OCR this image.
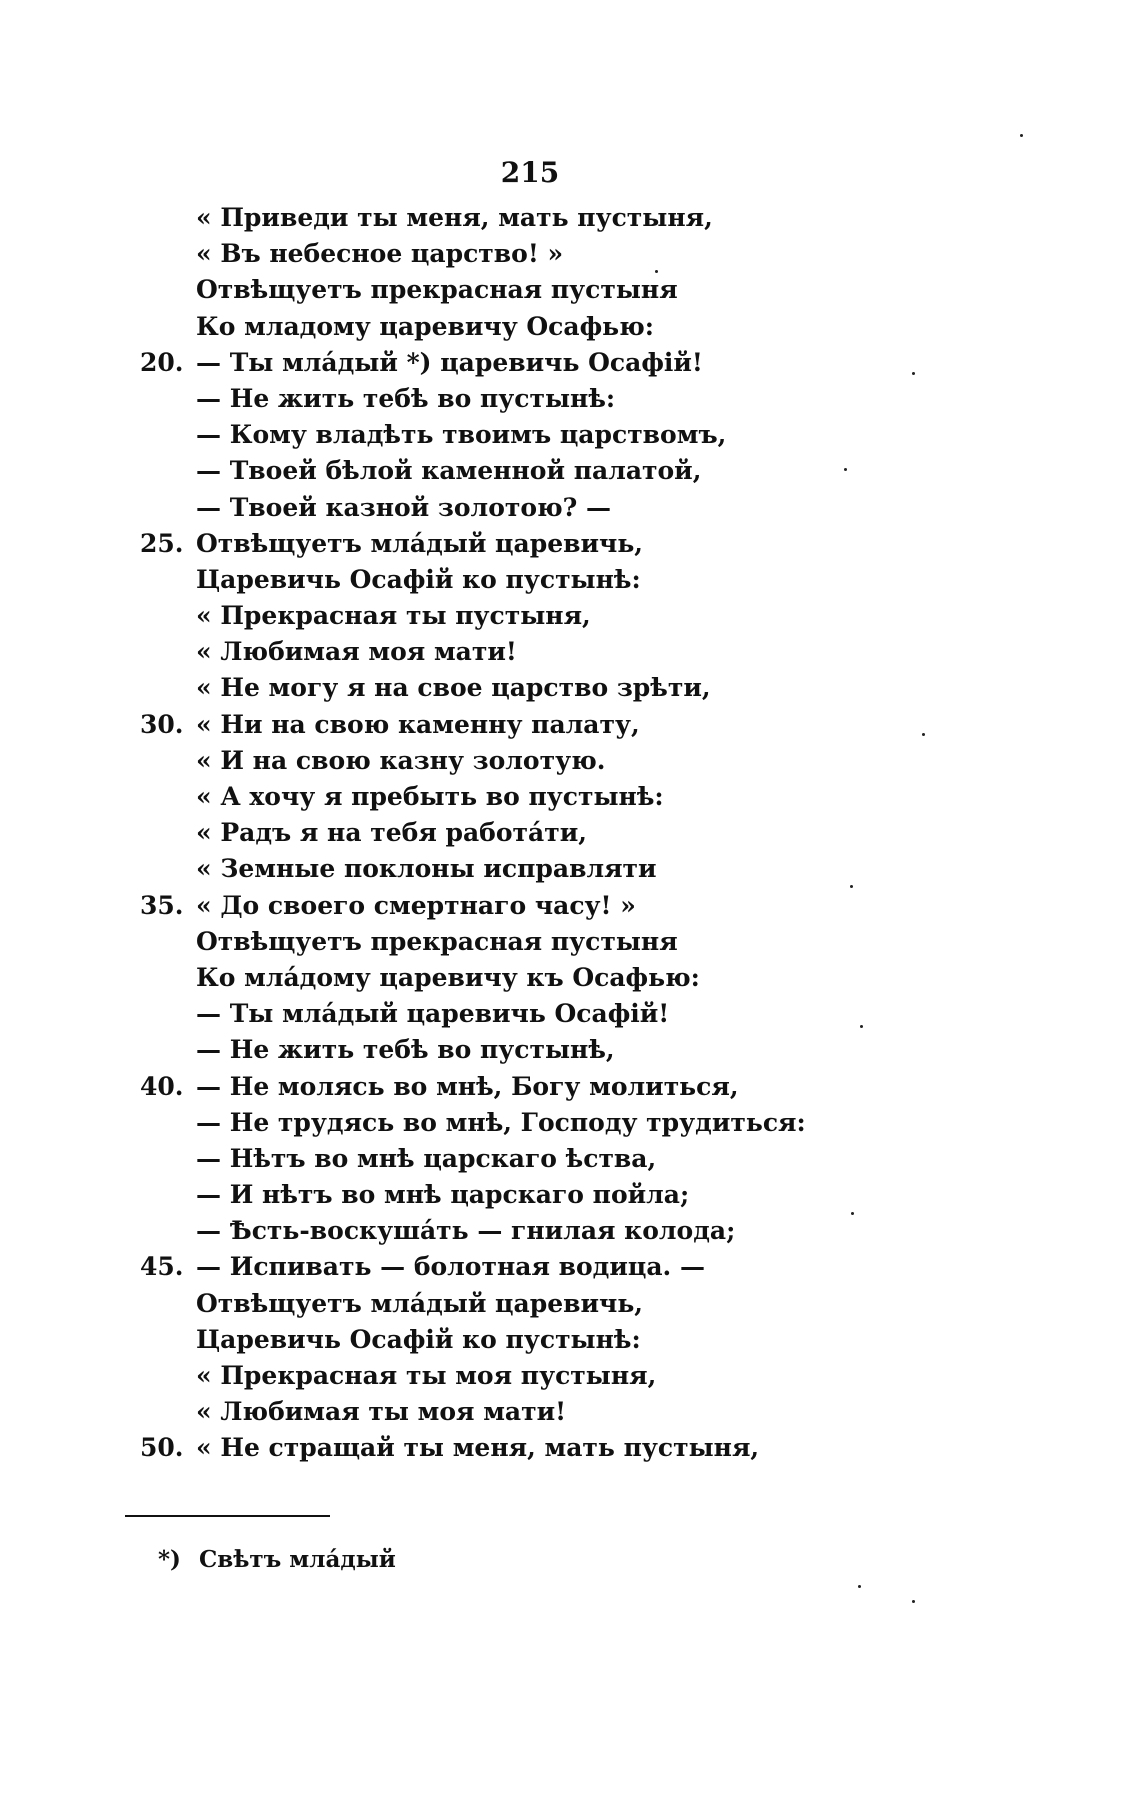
215
« Приведи ты меня, мать пустыня,
« Въ небесное царство! »
Отвѣщуетъ прекрасная пустыня
Ко младому царевичу Осафью:
20. — Ты мла́дый *) царевичь Осафій!
— Не жить тебѣ во пустынѣ:
— Кому владѣть твоимъ царствомъ,
— Твоей бѣлой каменной палатой,
— Твоей казной золотою? —
25. Отвѣщуетъ мла́дый царевичь,
Царевичь Осафій ко пустынѣ:
« Прекрасная ты пустыня,
« Любимая моя мати!
« Не могу я на свое царство зрѣти,
30. « Ни на свою каменну палату,
« И на свою казну золотую.
« А хочу я пребыть во пустынѣ:
« Радъ я на тебя работа́ти,
« Земные поклоны исправляти
35. « До своего смертнаго часу! »
Отвѣщуетъ прекрасная пустыня
Ко мла́дому царевичу къ Осафью:
— Ты мла́дый царевичь Осафій!
— Не жить тебѣ во пустынѣ,
40. — Не молясь во мнѣ, Богу молиться,
— Не трудясь во мнѣ, Господу трудиться:
— Нѣтъ во мнѣ царскаго ѣства,
— И нѣтъ во мнѣ царскаго пойла;
— Ѣсть-воскуша́ть — гнилая колода;
45. — Испивать — болотная водица. —
Отвѣщуетъ мла́дый царевичь,
Царевичь Осафій ко пустынѣ:
« Прекрасная ты моя пустыня,
« Любимая ты моя мати!
50. « Не стращай ты меня, мать пустыня,
*) Свѣтъ мла́дый
